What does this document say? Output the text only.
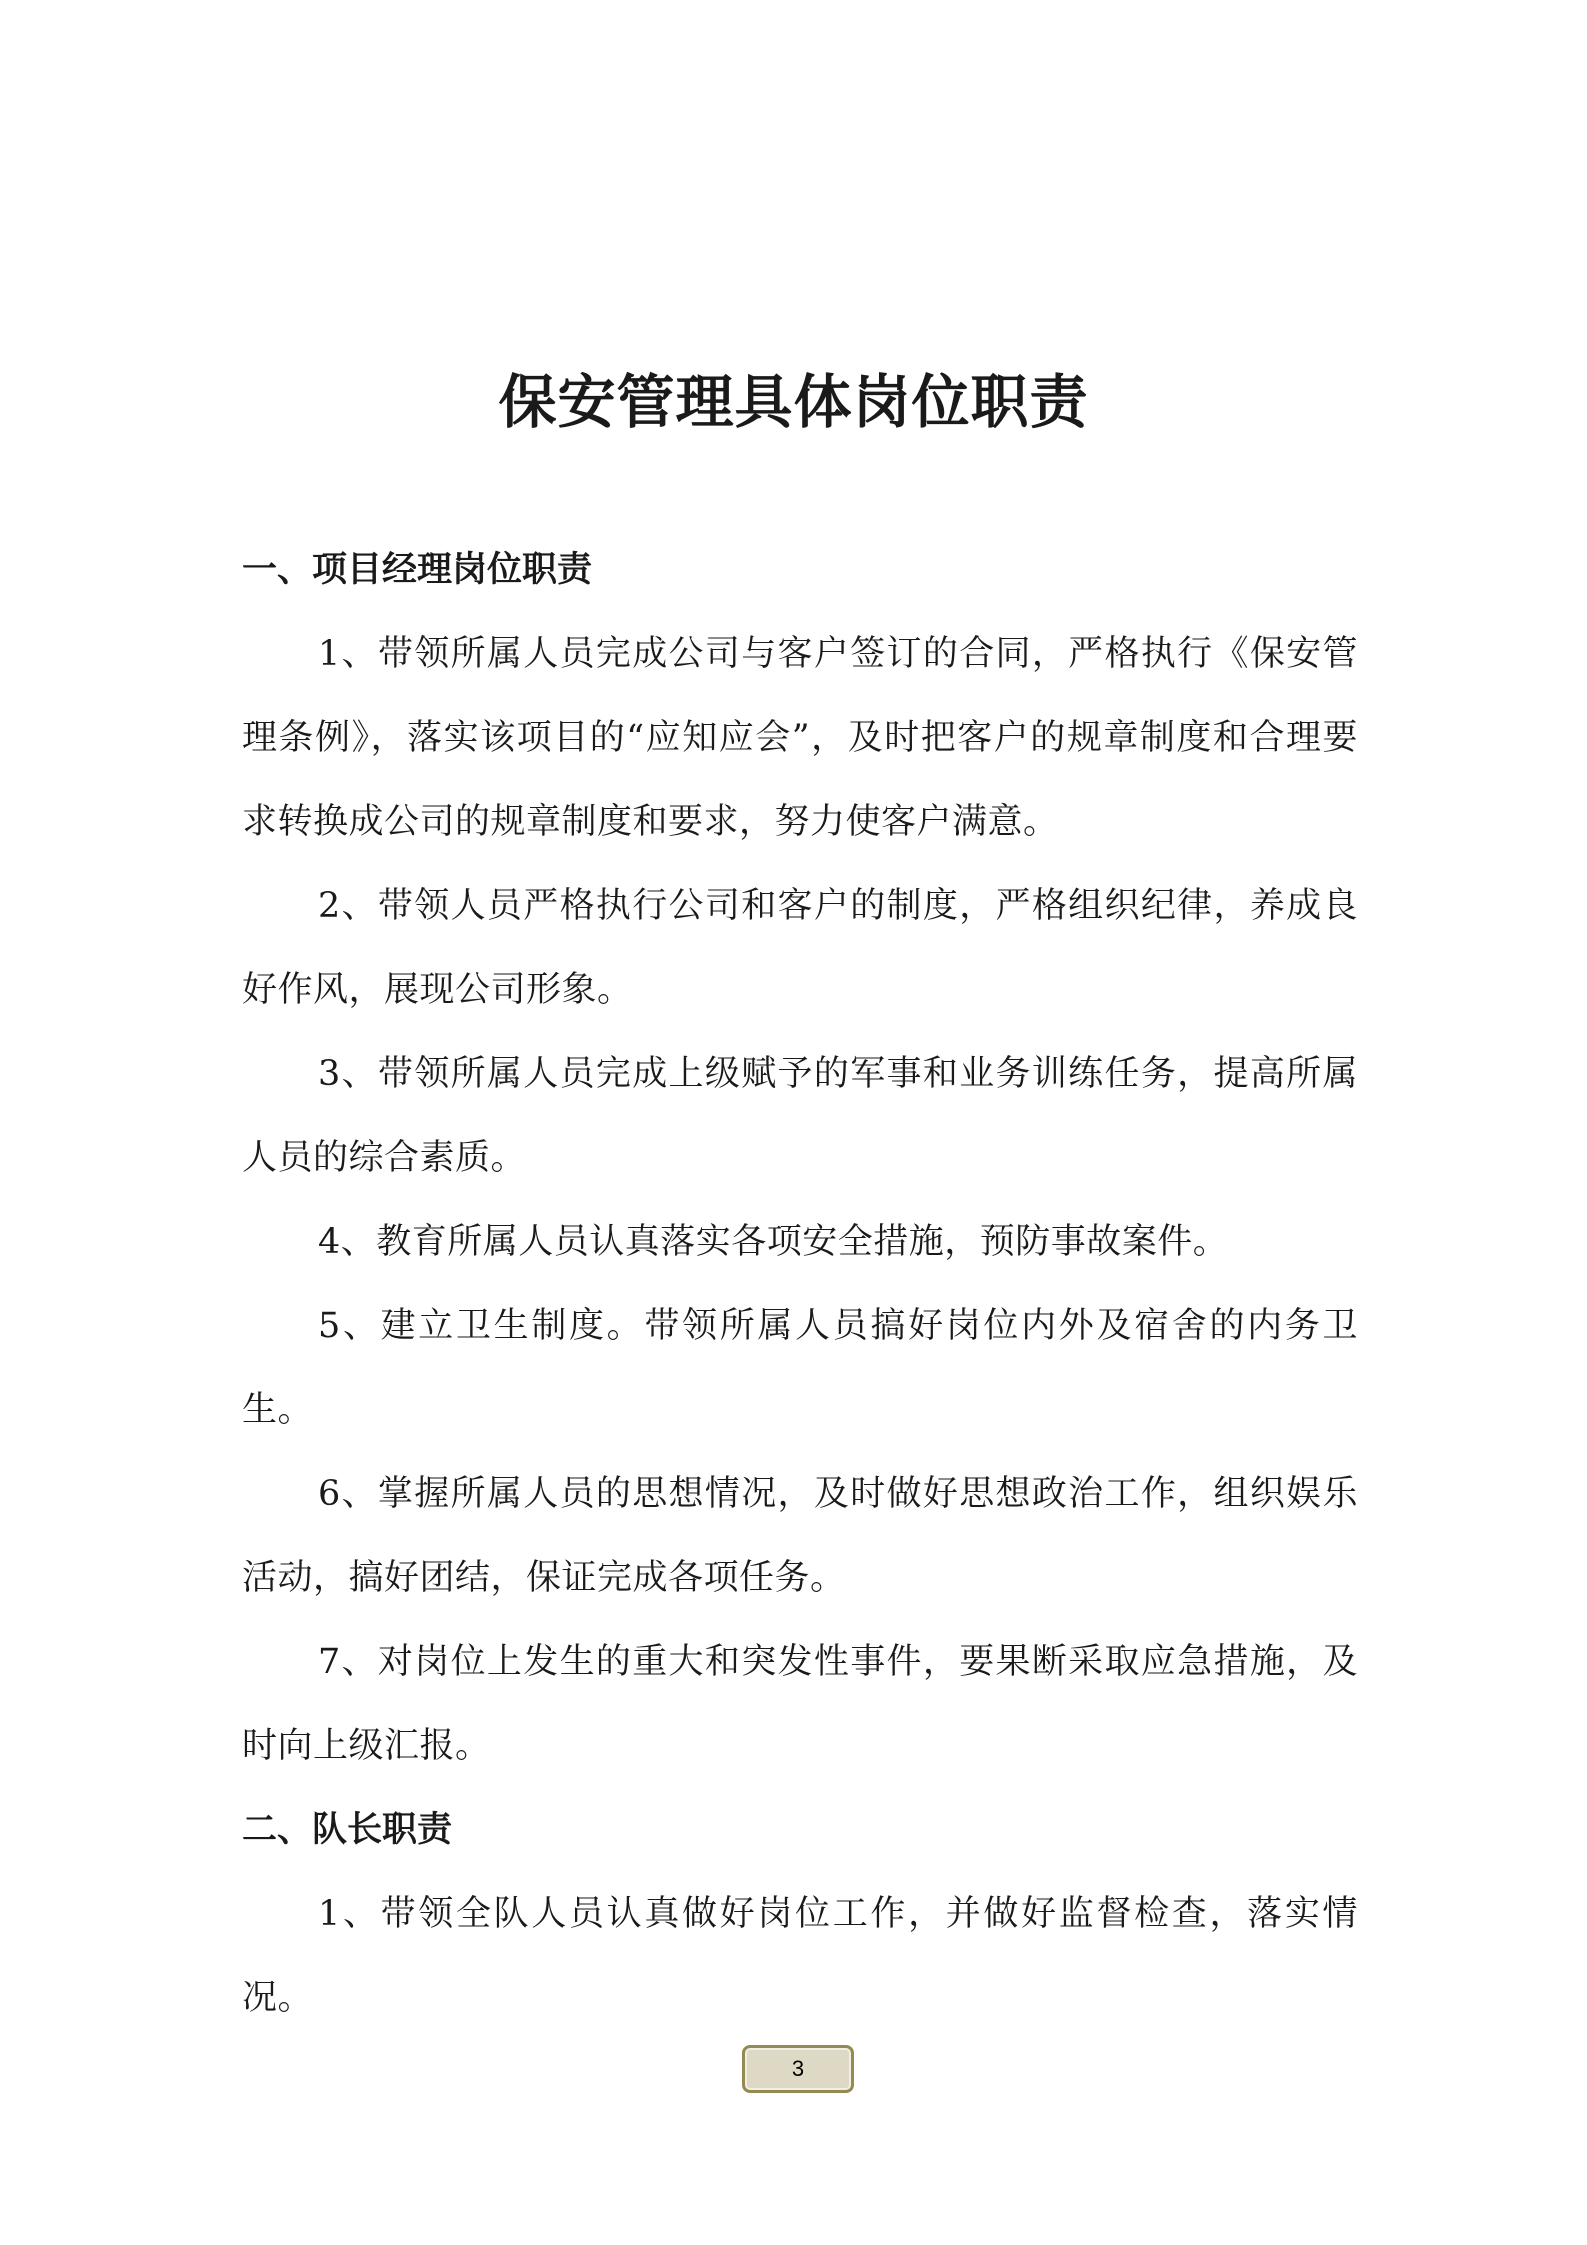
保安管理具体岗位职责

一、项目经理岗位职责

1、带领所属人员完成公司与客户签订的合同，严格执行《保安管理条例》，落实该项目的“应知应会”，及时把客户的规章制度和合理要求转换成公司的规章制度和要求，努力使客户满意。

2、带领人员严格执行公司和客户的制度，严格组织纪律，养成良好作风，展现公司形象。

3、带领所属人员完成上级赋予的军事和业务训练任务，提高所属人员的综合素质。

4、教育所属人员认真落实各项安全措施，预防事故案件。

5、建立卫生制度。带领所属人员搞好岗位内外及宿舍的内务卫生。

6、掌握所属人员的思想情况，及时做好思想政治工作，组织娱乐活动，搞好团结，保证完成各项任务。

7、对岗位上发生的重大和突发性事件，要果断采取应急措施，及时向上级汇报。

二、队长职责

1、带领全队人员认真做好岗位工作，并做好监督检查，落实情况。

3
